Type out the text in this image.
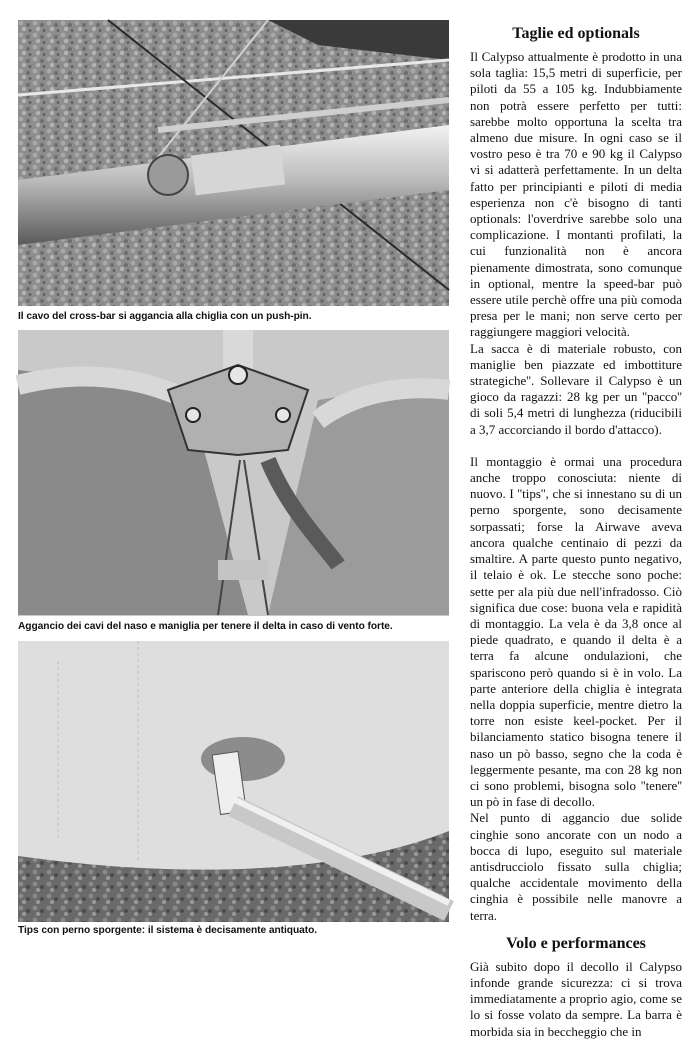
Il cavo del cross-bar si aggancia alla chiglia con un push-pin.
Aggancio dei cavi del naso e maniglia per tenere il delta in caso di vento forte.
Tips con perno sporgente: il sistema è decisamente antiquato.
Taglie ed optionals

Il Calypso attualmente è prodotto in una sola taglia: 15,5 metri di superficie, per piloti da 55 a 105 kg. Indubbiamente non potrà essere perfetto per tutti: sarebbe molto opportuna la scelta tra almeno due misure. In ogni caso se il vostro peso è tra 70 e 90 kg il Calypso vi si adatterà perfettamente. In un delta fatto per principianti e piloti di media esperienza non c'è bisogno di tanti optionals: l'overdrive sarebbe solo una complicazione. I montanti profilati, la cui funzionalità non è ancora pienamente dimostrata, sono comunque in optional, mentre la speed-bar può essere utile perchè offre una più comoda presa per le mani; non serve certo per raggiungere maggiori velocità.

La sacca è di materiale robusto, con maniglie ben piazzate ed imbottiture strategiche''. Sollevare il Calypso è un gioco da ragazzi: 28 kg per un ''pacco'' di soli 5,4 metri di lunghezza (riducibili a 3,7 accorciando il bordo d'attacco).

Il montaggio è ormai una procedura anche troppo conosciuta: niente di nuovo. I ''tips'', che si innestano su di un perno sporgente, sono decisamente sorpassati; forse la Airwave aveva ancora qualche centinaio di pezzi da smaltire. A parte questo punto negativo, il telaio è ok. Le stecche sono poche: sette per ala più due nell'infradosso. Ciò significa due cose: buona vela e rapidità di montaggio. La vela è da 3,8 once al piede quadrato, e quando il delta è a terra fa alcune ondulazioni, che spariscono però quando si è in volo. La parte anteriore della chiglia è integrata nella doppia superficie, mentre dietro la torre non esiste keel-pocket. Per il bilanciamento statico bisogna tenere il naso un pò basso, segno che la coda è leggermente pesante, ma con 28 kg non ci sono problemi, bisogna solo ''tenere'' un pò in fase di decollo.

Nel punto di aggancio due solide cinghie sono ancorate con un nodo a bocca di lupo, eseguito sul materiale antisdrucciolo fissato sulla chiglia; qualche accidentale movimento della cinghia è possibile nelle manovre a terra.

Volo e performances

Già subito dopo il decollo il Calypso infonde grande sicurezza: ci si trova immediatamente a proprio agio, come se lo si fosse volato da sempre. La barra è morbida sia in beccheggio che in
